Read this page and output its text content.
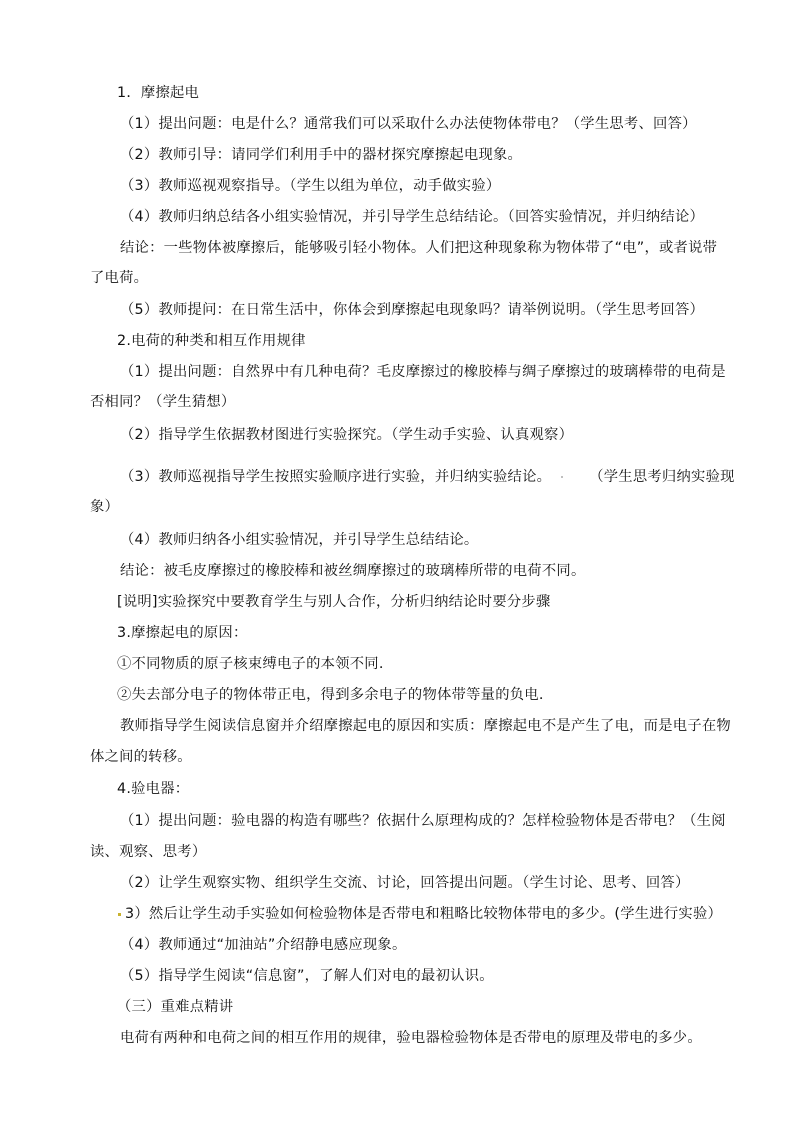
1．摩擦起电
（1）提出问题：电是什么？通常我们可以采取什么办法使物体带电？（学生思考、回答）
（2）教师引导：请同学们利用手中的器材探究摩擦起电现象。
（3）教师巡视观察指导。（学生以组为单位，动手做实验）
（4）教师归纳总结各小组实验情况，并引导学生总结结论。（回答实验情况，并归纳结论）
结论：一些物体被摩擦后，能够吸引轻小物体。人们把这种现象称为物体带了“电”，或者说带
了电荷。
（5）教师提问：在日常生活中，你体会到摩擦起电现象吗？请举例说明。（学生思考回答）
2.电荷的种类和相互作用规律
（1）提出问题：自然界中有几种电荷？毛皮摩擦过的橡胶棒与绸子摩擦过的玻璃棒带的电荷是
否相同？（学生猜想）
（2）指导学生依据教材图进行实验探究。（学生动手实验、认真观察）
（3）教师巡视指导学生按照实验顺序进行实验，并归纳实验结论。	（学生思考归纳实验现
象）
（4）教师归纳各小组实验情况，并引导学生总结结论。
结论：被毛皮摩擦过的橡胶棒和被丝绸摩擦过的玻璃棒所带的电荷不同。
[说明]实验探究中要教育学生与别人合作，分析归纳结论时要分步骤
3.摩擦起电的原因：
①不同物质的原子核束缚电子的本领不同.
②失去部分电子的物体带正电，得到多余电子的物体带等量的负电.
教师指导学生阅读信息窗并介绍摩擦起电的原因和实质：摩擦起电不是产生了电，而是电子在物
体之间的转移。
4.验电器：
（1）提出问题：验电器的构造有哪些？依据什么原理构成的？怎样检验物体是否带电？（生阅
读、观察、思考）
（2）让学生观察实物、组织学生交流、讨论，回答提出问题。（学生讨论、思考、回答）
3）然后让学生动手实验如何检验物体是否带电和粗略比较物体带电的多少。(学生进行实验）
（4）教师通过“加油站”介绍静电感应现象。
（5）指导学生阅读“信息窗”，了解人们对电的最初认识。
（三）重难点精讲
电荷有两种和电荷之间的相互作用的规律，验电器检验物体是否带电的原理及带电的多少。
